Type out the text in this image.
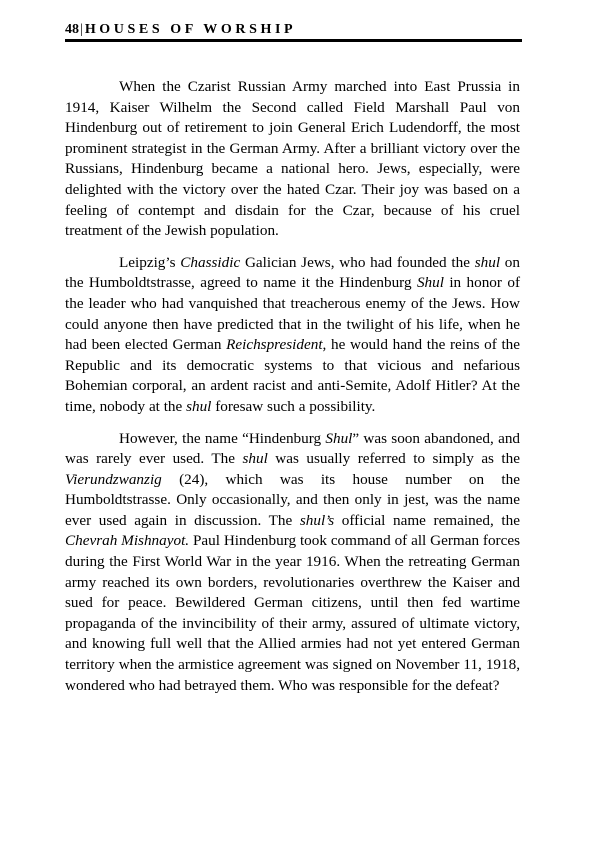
48| HOUSES OF WORSHIP

When the Czarist Russian Army marched into East Prussia in 1914, Kaiser Wilhelm the Second called Field Marshall Paul von Hindenburg out of retirement to join General Erich Ludendorff, the most prominent strategist in the German Army. After a brilliant victory over the Russians, Hindenburg became a national hero. Jews, especially, were delighted with the victory over the hated Czar. Their joy was based on a feeling of contempt and disdain for the Czar, because of his cruel treatment of the Jewish population.

Leipzig’s Chassidic Galician Jews, who had founded the shul on the Humboldtstrasse, agreed to name it the Hindenburg Shul in honor of the leader who had vanquished that treacherous enemy of the Jews. How could anyone then have predicted that in the twilight of his life, when he had been elected German Reichspresident, he would hand the reins of the Republic and its democratic systems to that vicious and nefarious Bohemian corporal, an ardent racist and anti-Semite, Adolf Hitler? At the time, nobody at the shul foresaw such a possibility.

However, the name “Hindenburg Shul” was soon abandoned, and was rarely ever used. The shul was usually referred to simply as the Vierundzwanzig (24), which was its house number on the Humboldtstrasse. Only occasionally, and then only in jest, was the name ever used again in discussion. The shul’s official name remained, the Chevrah Mishnayot. Paul Hindenburg took command of all German forces during the First World War in the year 1916. When the retreating German army reached its own borders, revolutionaries overthrew the Kaiser and sued for peace. Bewildered German citizens, until then fed wartime propaganda of the invincibility of their army, assured of ultimate victory, and knowing full well that the Allied armies had not yet entered German territory when the armistice agreement was signed on November 11, 1918, wondered who had betrayed them. Who was responsible for the defeat?
